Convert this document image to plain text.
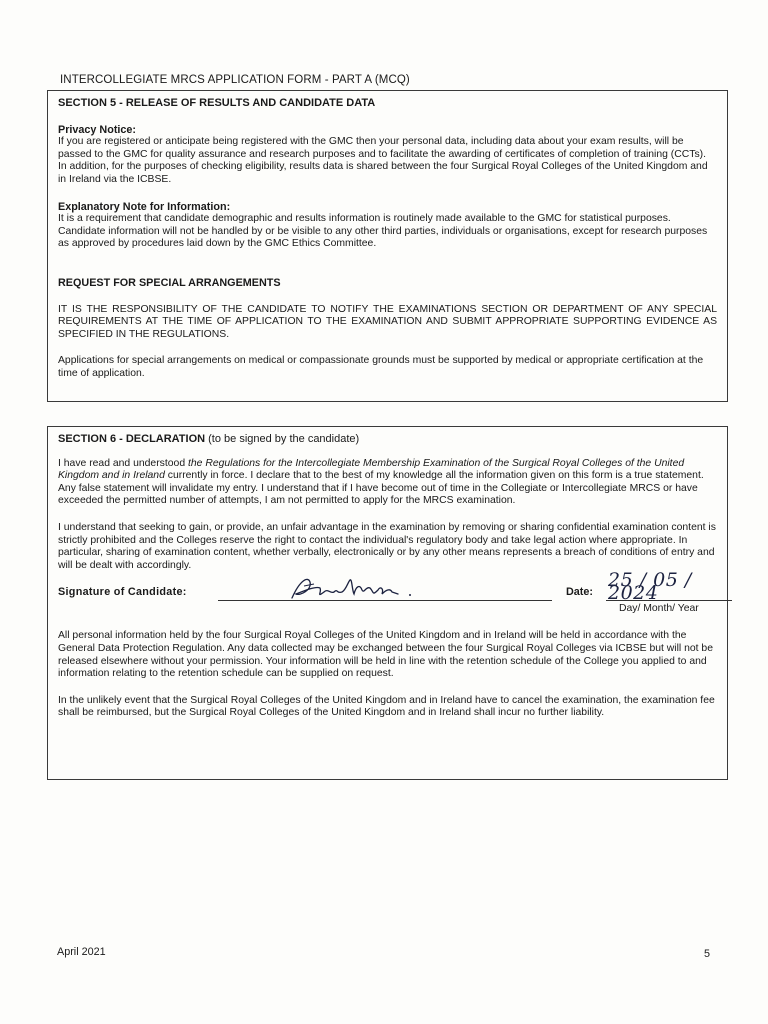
INTERCOLLEGIATE MRCS APPLICATION FORM - PART A (MCQ)

SECTION 5 - RELEASE OF RESULTS AND CANDIDATE DATA

Privacy Notice:

If you are registered or anticipate being registered with the GMC then your personal data, including data about your exam results, will be passed to the GMC for quality assurance and research purposes and to facilitate the awarding of certificates of completion of training (CCTs). In addition, for the purposes of checking eligibility, results data is shared between the four Surgical Royal Colleges of the United Kingdom and in Ireland via the ICBSE.

Explanatory Note for Information:

It is a requirement that candidate demographic and results information is routinely made available to the GMC for statistical purposes. Candidate information will not be handled by or be visible to any other third parties, individuals or organisations, except for research purposes as approved by procedures laid down by the GMC Ethics Committee.

REQUEST FOR SPECIAL ARRANGEMENTS

IT IS THE RESPONSIBILITY OF THE CANDIDATE TO NOTIFY THE EXAMINATIONS SECTION OR DEPARTMENT OF ANY SPECIAL REQUIREMENTS AT THE TIME OF APPLICATION TO THE EXAMINATION AND SUBMIT APPROPRIATE SUPPORTING EVIDENCE AS SPECIFIED IN THE REGULATIONS.

Applications for special arrangements on medical or compassionate grounds must be supported by medical or appropriate certification at the time of application.

SECTION 6 - DECLARATION (to be signed by the candidate)

I have read and understood the Regulations for the Intercollegiate Membership Examination of the Surgical Royal Colleges of the United Kingdom and in Ireland currently in force. I declare that to the best of my knowledge all the information given on this form is a true statement. Any false statement will invalidate my entry. I understand that if I have become out of time in the Collegiate or Intercollegiate MRCS or have exceeded the permitted number of attempts, I am not permitted to apply for the MRCS examination.

I understand that seeking to gain, or provide, an unfair advantage in the examination by removing or sharing confidential examination content is strictly prohibited and the Colleges reserve the right to contact the individual's regulatory body and take legal action where appropriate. In particular, sharing of examination content, whether verbally, electronically or by any other means represents a breach of conditions of entry and will be dealt with accordingly.

Signature of Candidate:	Date:
25 / 05 / 2024
Day/ Month/ Year

All personal information held by the four Surgical Royal Colleges of the United Kingdom and in Ireland will be held in accordance with the General Data Protection Regulation. Any data collected may be exchanged between the four Surgical Royal Colleges via ICBSE but will not be released elsewhere without your permission. Your information will be held in line with the retention schedule of the College you applied to and information relating to the retention schedule can be supplied on request.

In the unlikely event that the Surgical Royal Colleges of the United Kingdom and in Ireland have to cancel the examination, the examination fee shall be reimbursed, but the Surgical Royal Colleges of the United Kingdom and in Ireland shall incur no further liability.

April 2021	5
